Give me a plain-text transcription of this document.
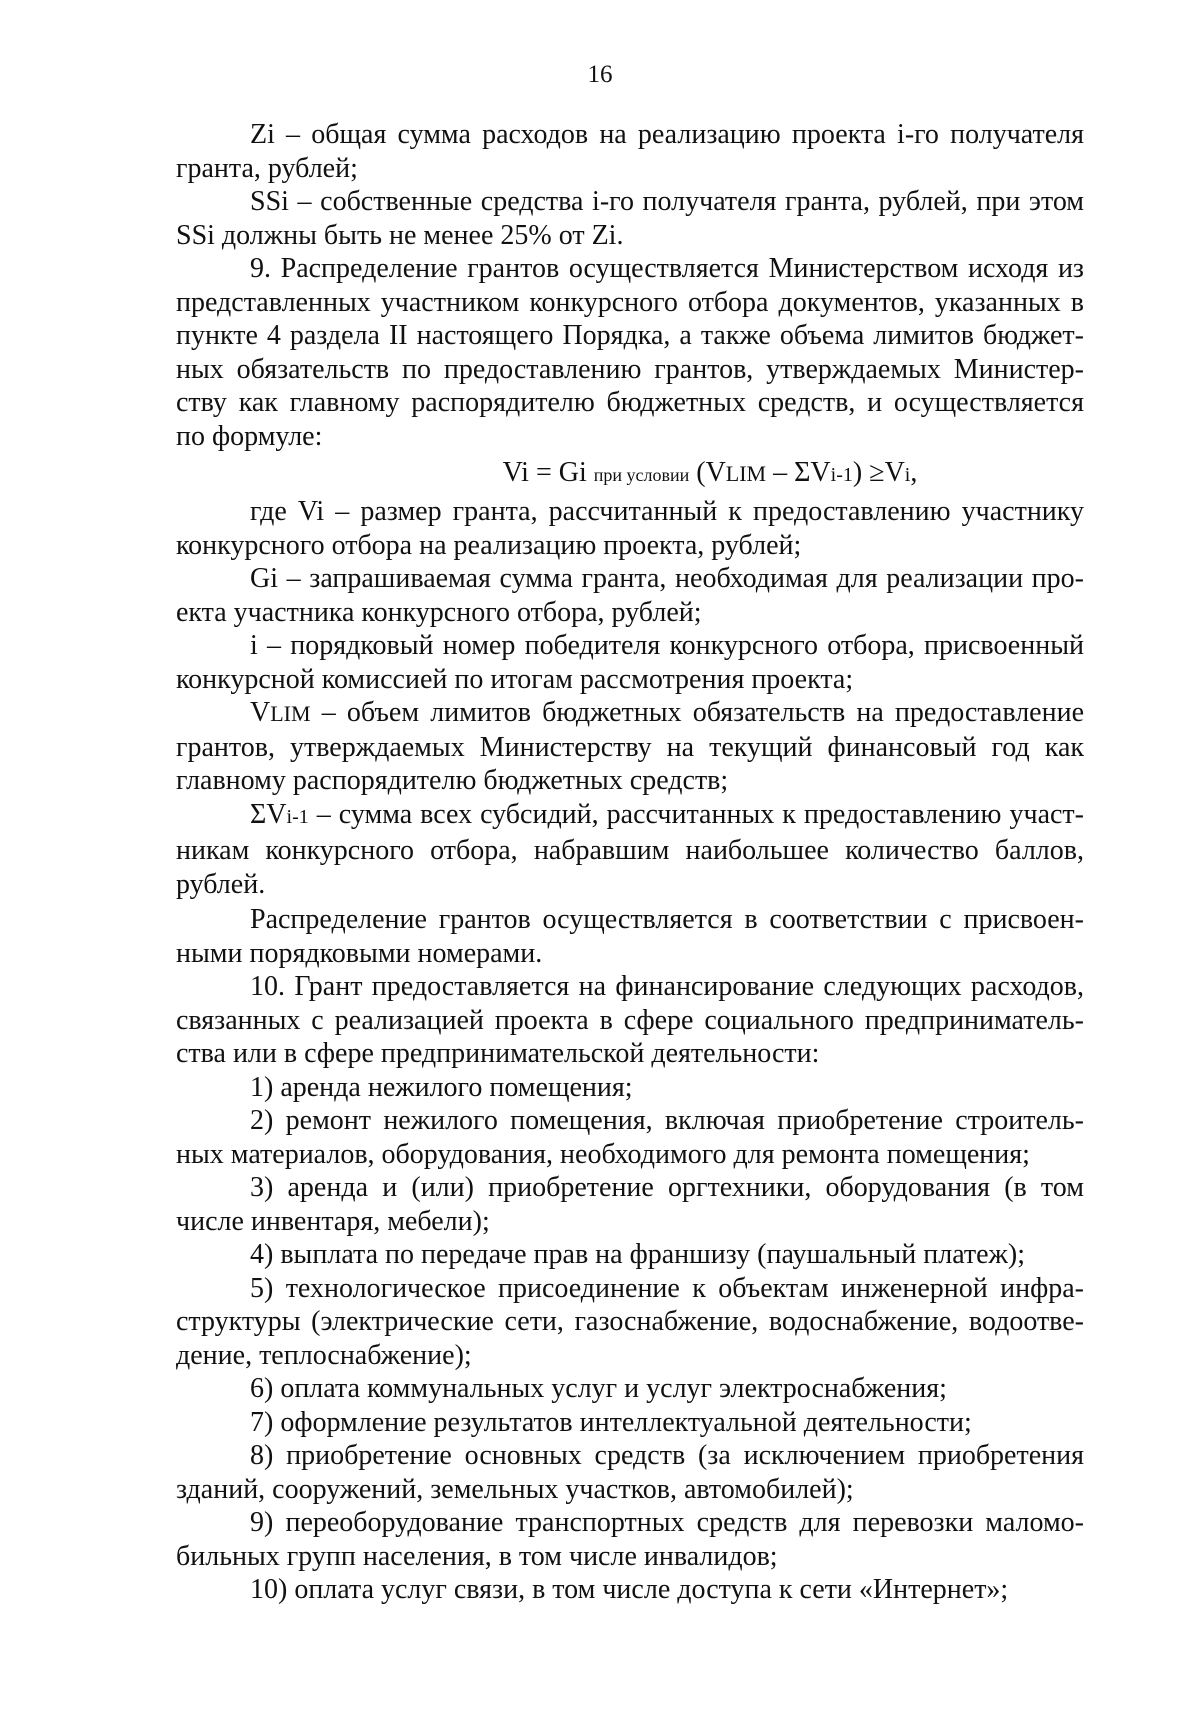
16

Zi – общая сумма расходов на реализацию проекта i-го получателя гранта, рублей;

SSi – собственные средства i-го получателя гранта, рублей, при этом SSi должны быть не менее 25% от Zi.

9. Распределение грантов осуществляется Министерством исходя из представленных участником конкурсного отбора документов, указанных в пункте 4 раздела II настоящего Порядка, а также объема лимитов бюджетных обязательств по предоставлению грантов, утверждаемых Министерству как главному распорядителю бюджетных средств, и осуществляется по формуле:

Vi = Gi при условии (VLIM – ΣVi-1) ≥Vi,

где Vi – размер гранта, рассчитанный к предоставлению участнику конкурсного отбора на реализацию проекта, рублей;

Gi – запрашиваемая сумма гранта, необходимая для реализации проекта участника конкурсного отбора, рублей;

i – порядковый номер победителя конкурсного отбора, присвоенный конкурсной комиссией по итогам рассмотрения проекта;

VLIM – объем лимитов бюджетных обязательств на предоставление грантов, утверждаемых Министерству на текущий финансовый год как главному распорядителю бюджетных средств;

ΣVi-1 – сумма всех субсидий, рассчитанных к предоставлению участникам конкурсного отбора, набравшим наибольшее количество баллов, рублей.

Распределение грантов осуществляется в соответствии с присвоенными порядковыми номерами.

10. Грант предоставляется на финансирование следующих расходов, связанных с реализацией проекта в сфере социального предпринимательства или в сфере предпринимательской деятельности:

1) аренда нежилого помещения;

2) ремонт нежилого помещения, включая приобретение строительных материалов, оборудования, необходимого для ремонта помещения;

3) аренда и (или) приобретение оргтехники, оборудования (в том числе инвентаря, мебели);

4) выплата по передаче прав на франшизу (паушальный платеж);

5) технологическое присоединение к объектам инженерной инфраструктуры (электрические сети, газоснабжение, водоснабжение, водоотведение, теплоснабжение);

6) оплата коммунальных услуг и услуг электроснабжения;

7) оформление результатов интеллектуальной деятельности;

8) приобретение основных средств (за исключением приобретения зданий, сооружений, земельных участков, автомобилей);

9) переоборудование транспортных средств для перевозки маломобильных групп населения, в том числе инвалидов;

10) оплата услуг связи, в том числе доступа к сети «Интернет»;
